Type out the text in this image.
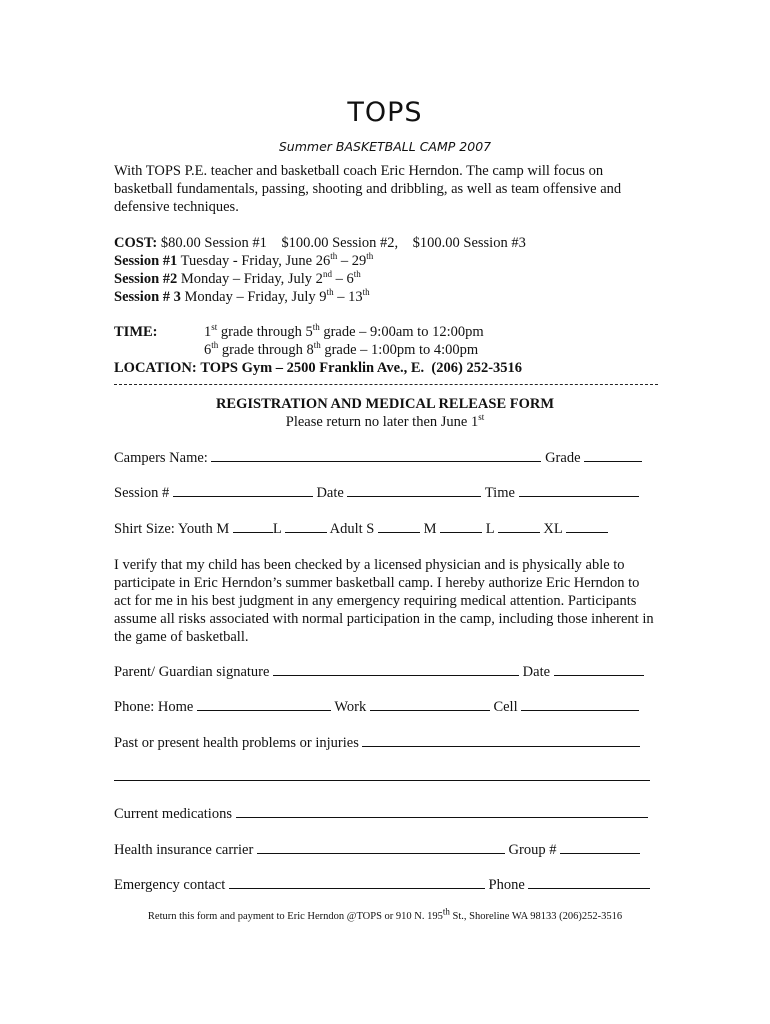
TOPS
Summer BASKETBALL CAMP 2007
With TOPS P.E. teacher and basketball coach Eric Herndon. The camp will focus on basketball fundamentals, passing, shooting and dribbling, as well as team offensive and defensive techniques.
COST: $80.00 Session #1    $100.00 Session #2,    $100.00 Session #3
Session #1 Tuesday - Friday, June 26th – 29th
Session #2 Monday – Friday, July 2nd – 6th
Session # 3 Monday – Friday, July 9th – 13th
TIME:	1st grade through 5th grade – 9:00am to 12:00pm
6th grade through 8th grade – 1:00pm to 4:00pm
LOCATION: TOPS Gym – 2500 Franklin Ave., E.  (206) 252-3516
REGISTRATION AND MEDICAL RELEASE FORM
Please return no later then June 1st
Campers Name:	Grade
Session #	Date	Time
Shirt Size: Youth M	L	Adult S	M	L	XL
I verify that my child has been checked by a licensed physician and is physically able to participate in Eric Herndon’s summer basketball camp. I hereby authorize Eric Herndon to act for me in his best judgment in any emergency requiring medical attention. Participants assume all risks associated with normal participation in the camp, including those inherent in the game of basketball.
Parent/ Guardian signature	Date
Phone: Home	Work	Cell
Past or present health problems or injuries
Current medications
Health insurance carrier	Group #
Emergency contact	Phone
Return this form and payment to Eric Herndon @TOPS or 910 N. 195th St., Shoreline WA 98133 (206)252-3516
